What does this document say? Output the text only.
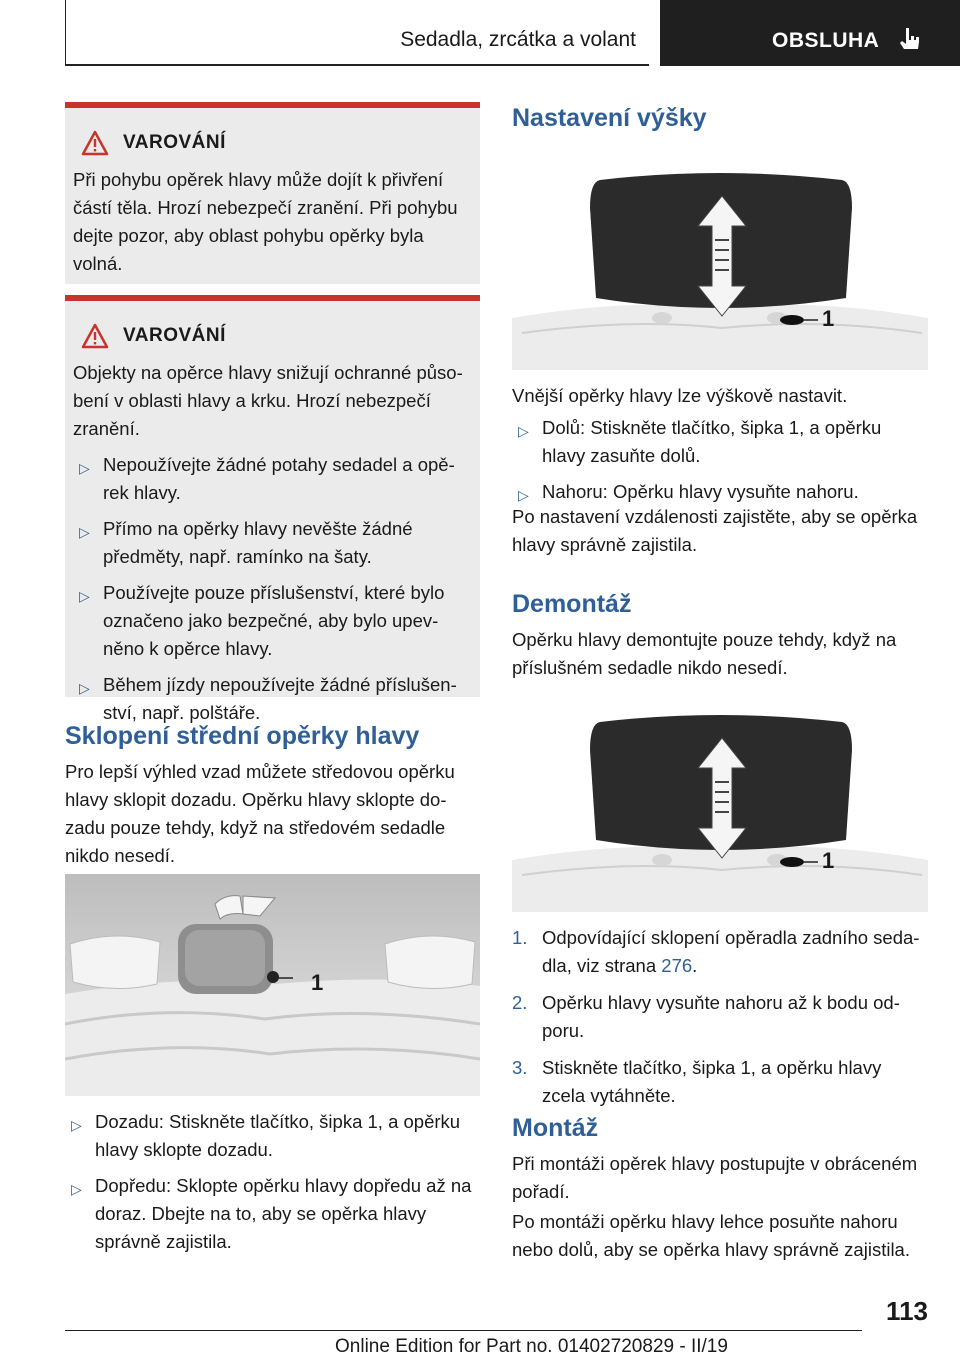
Sedadla, zrcátka a volant	OBSLUHA
VAROVÁNÍ

Při pohybu opěrek hlavy může dojít k přivření částí těla. Hrozí nebezpečí zranění. Při pohybu dejte pozor, aby oblast pohybu opěrky byla volná.

VAROVÁNÍ

Objekty na opěrce hlavy snižují ochranné působení v oblasti hlavy a krku. Hrozí nebezpečí zranění.

▷ Nepoužívejte žádné potahy sedadel a opěrek hlavy.
▷ Přímo na opěrky hlavy nevěšte žádné předměty, např. ramínko na šaty.
▷ Používejte pouze příslušenství, které bylo označeno jako bezpečné, aby bylo upevněno k opěrce hlavy.
▷ Během jízdy nepoužívejte žádné příslušenství, např. polštáře.
Sklopení střední opěrky hlavy

Pro lepší výhled vzad můžete středovou opěrku hlavy sklopit dozadu. Opěrku hlavy sklopte dozadu pouze tehdy, když na středovém sedadle nikdo nesedí.

1
▷ Dozadu: Stiskněte tlačítko, šipka 1, a opěrku hlavy sklopte dozadu.
▷ Dopředu: Sklopte opěrku hlavy dopředu až na doraz. Dbejte na to, aby se opěrka hlavy správně zajistila.
Nastavení výšky
1

Vnější opěrky hlavy lze výškově nastavit.

▷ Dolů: Stiskněte tlačítko, šipka 1, a opěrku hlavy zasuňte dolů.
▷ Nahoru: Opěrku hlavy vysuňte nahoru.

Po nastavení vzdálenosti zajistěte, aby se opěrka hlavy správně zajistila.

Demontáž

Opěrku hlavy demontujte pouze tehdy, když na příslušném sedadle nikdo nesedí.

1
1. Odpovídající sklopení opěradla zadního sedadla, viz strana 276.
2. Opěrku hlavy vysuňte nahoru až k bodu odporu.
3. Stiskněte tlačítko, šipka 1, a opěrku hlavy zcela vytáhněte.
Montáž

Při montáži opěrek hlavy postupujte v obráceném pořadí.

Po montáži opěrku hlavy lehce posuňte nahoru nebo dolů, aby se opěrka hlavy správně zajistila.

113
Online Edition for Part no. 01402720829 - II/19
